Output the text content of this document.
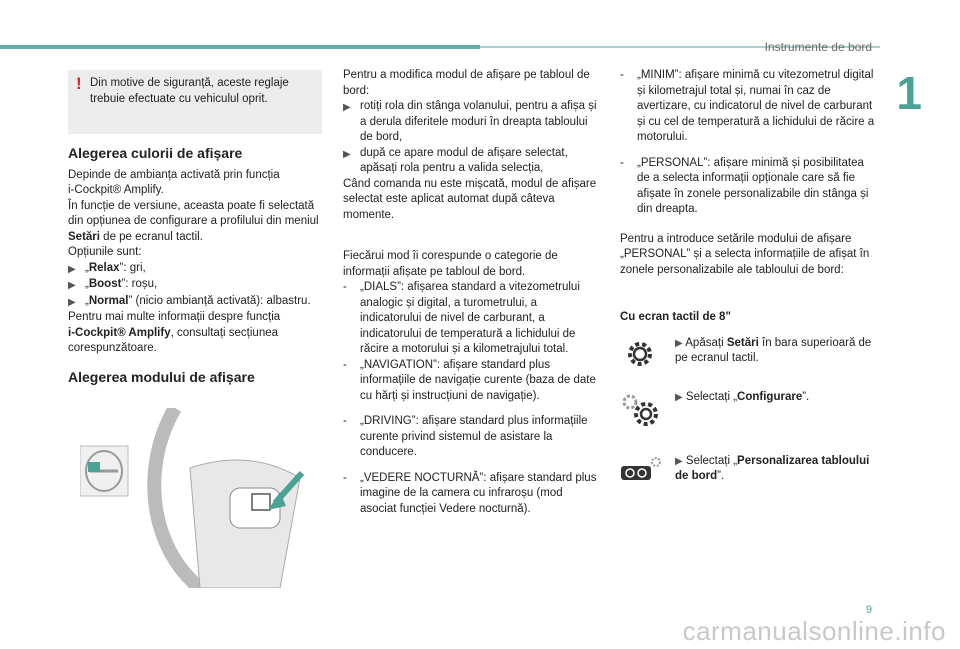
Instrumente de bord
1
9
carmanualsonline.info
! Din motive de siguranță, aceste reglaje trebuie efectuate cu vehiculul oprit.

Alegerea culorii de afișare

Depinde de ambianța activată prin funcția

i-Cockpit® Amplify.

În funcție de versiune, aceasta poate fi selectată din opțiunea de configurare a profilului din meniul Setări de pe ecranul tactil.

Opțiunile sunt:

▶ „Relax”: gri,
▶ „Boost”: roșu,
▶ „Normal” (nicio ambianță activată): albastru.

Pentru mai multe informații despre funcția
i-Cockpit® Amplify, consultați secțiunea corespunzătoare.

Alegerea modului de afișare

Pentru a modifica modul de afișare pe tabloul de bord:

▶ rotiți rola din stânga volanului, pentru a afișa și a derula diferitele moduri în dreapta tabloului de bord,
▶ după ce apare modul de afișare selectat, apăsați rola pentru a valida selecția,

Când comanda nu este mișcată, modul de afișare selectat este aplicat automat după câteva momente.

Fiecărui mod îi corespunde o categorie de informații afișate pe tabloul de bord.

-	„DIALS”: afișarea standard a vitezometrului analogic și digital, a turometrului, a indicatorului de nivel de carburant, a indicatorului de temperatură a lichidului de răcire a motorului și a kilometrajului total.
-	„NAVIGATION”: afișare standard plus informațiile de navigație curente (baza de date cu hărți și instrucțiuni de navigație).
-	„DRIVING”: afișare standard plus informațiile curente privind sistemul de asistare la conducere.
-	„VEDERE NOCTURNĂ”: afișare standard plus imagine de la camera cu infraroșu (mod asociat funcției Vedere nocturnă).
-	„MINIM”: afișare minimă cu vitezometrul digital și kilometrajul total și, numai în caz de avertizare, cu indicatorul de nivel de carburant și cu cel de temperatură a lichidului de răcire a motorului.
-	„PERSONAL”: afișare minimă și posibilitatea de a selecta informații opționale care să fie afișate în zonele personalizabile din stânga și din dreapta.

Pentru a introduce setările modului de afișare „PERSONAL” și a selecta informațiile de afișat în zonele personalizabile ale tabloului de bord:

Cu ecran tactil de 8"

▶ Apăsați Setări în bara superioară de pe ecranul tactil.
▶ Selectați „Configurare”.
▶ Selectați „Personalizarea tabloului de bord”.
